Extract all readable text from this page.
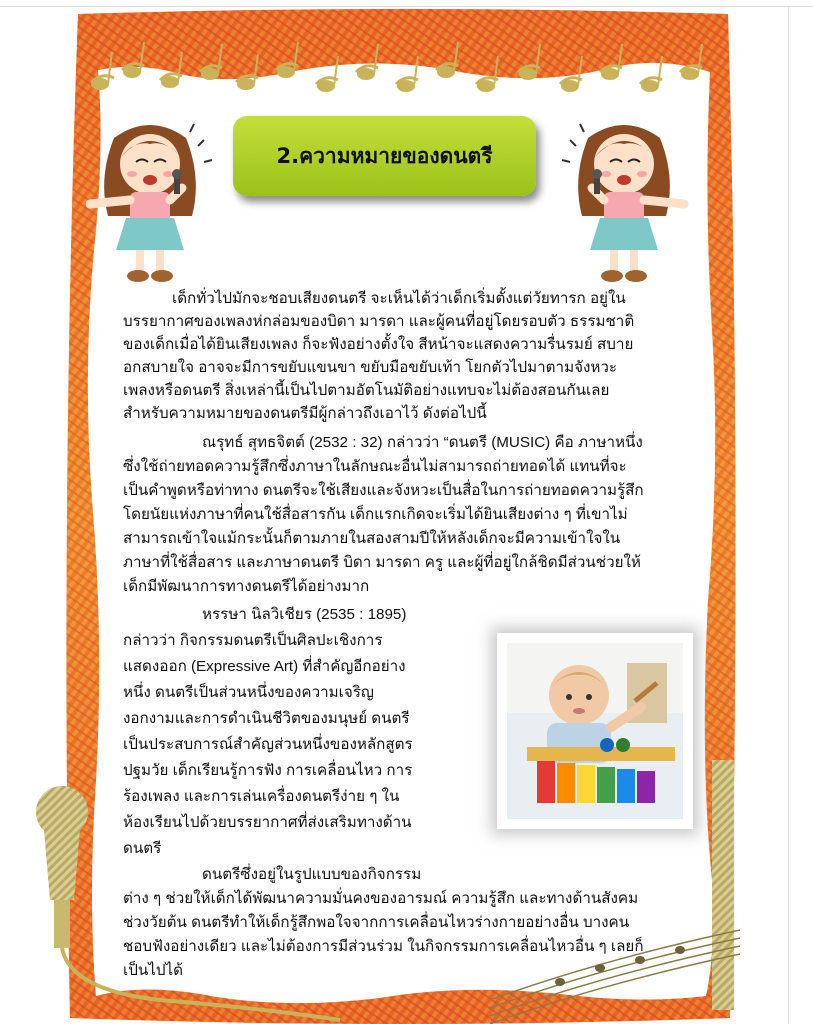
2.ความหมายของดนตรี
เด็กทั่วไปมักจะชอบเสียงดนตรี จะเห็นได้ว่าเด็กเริ่มตั้งแต่วัยทารก อยู่ใน
บรรยากาศของเพลงห่กล่อมของบิดา มารดา และผู้คนที่อยู่โดยรอบตัว ธรรมชาติ
ของเด็กเมื่อได้ยินเสียงเพลง ก็จะฟังอย่างตั้งใจ สีหน้าจะแสดงความรื่นรมย์ สบาย
อกสบายใจ อาจจะมีการขยับแขนขา ขยับมือขยับเท้า โยกตัวไปมาตามจังหวะ
เพลงหรือดนตรี สิ่งเหล่านี้เป็นไปตามอัตโนมัติอย่างแทบจะไม่ต้องสอนกันเลย
สำหรับความหมายของดนตรีมีผู้กล่าวถึงเอาไว้ ดังต่อไปนี้
ณรุทธ์ สุทธจิตต์ (2532 : 32) กล่าวว่า “ดนตรี (MUSIC) คือ ภาษาหนึ่ง
ซึ่งใช้ถ่ายทอดความรู้สึกซึ่งภาษาในลักษณะอื่นไม่สามารถถ่ายทอดได้ แทนที่จะ
เป็นคำพูดหรือท่าทาง ดนตรีจะใช้เสียงและจังหวะเป็นสื่อในการถ่ายทอดความรู้สึก
โดยนัยแห่งภาษาที่คนใช้สื่อสารกัน เด็กแรกเกิดจะเริ่มได้ยินเสียงต่าง ๆ ที่เขาไม่
สามารถเข้าใจแม้กระนั้นก็ตามภายในสองสามปีให้หลังเด็กจะมีความเข้าใจใน
ภาษาที่ใช้สื่อสาร และภาษาดนตรี บิดา มารดา ครู และผู้ที่อยู่ใกล้ชิดมีส่วนช่วยให้
เด็กมีพัฒนาการทางดนตรีได้อย่างมาก
หรรษา นิลวิเชียร (2535 : 1895)
กล่าวว่า กิจกรรมดนตรีเป็นศิลปะเชิงการ
แสดงออก (Expressive Art) ที่สำคัญอีกอย่าง
หนึ่ง ดนตรีเป็นส่วนหนึ่งของความเจริญ
งอกงามและการดำเนินชีวิตของมนุษย์ ดนตรี
เป็นประสบการณ์สำคัญส่วนหนึ่งของหลักสูตร
ปฐมวัย เด็กเรียนรู้การฟัง การเคลื่อนไหว การ
ร้องเพลง และการเล่นเครื่องดนตรีง่าย ๆ ใน
ห้องเรียนไปด้วยบรรยากาศที่ส่งเสริมทางด้าน
ดนตรี
ดนตรีซึ่งอยู่ในรูปแบบของกิจกรรม
ต่าง ๆ ช่วยให้เด็กได้พัฒนาความมั่นคงของอารมณ์ ความรู้สึก และทางด้านสังคม
ช่วงวัยต้น ดนตรีทำให้เด็กรู้สึกพอใจจากการเคลื่อนไหวร่างกายอย่างอื่น บางคน
ชอบฟังอย่างเดียว และไม่ต้องการมีส่วนร่วม ในกิจกรรมการเคลื่อนไหวอื่น ๆ เลยก็
เป็นไปได้
